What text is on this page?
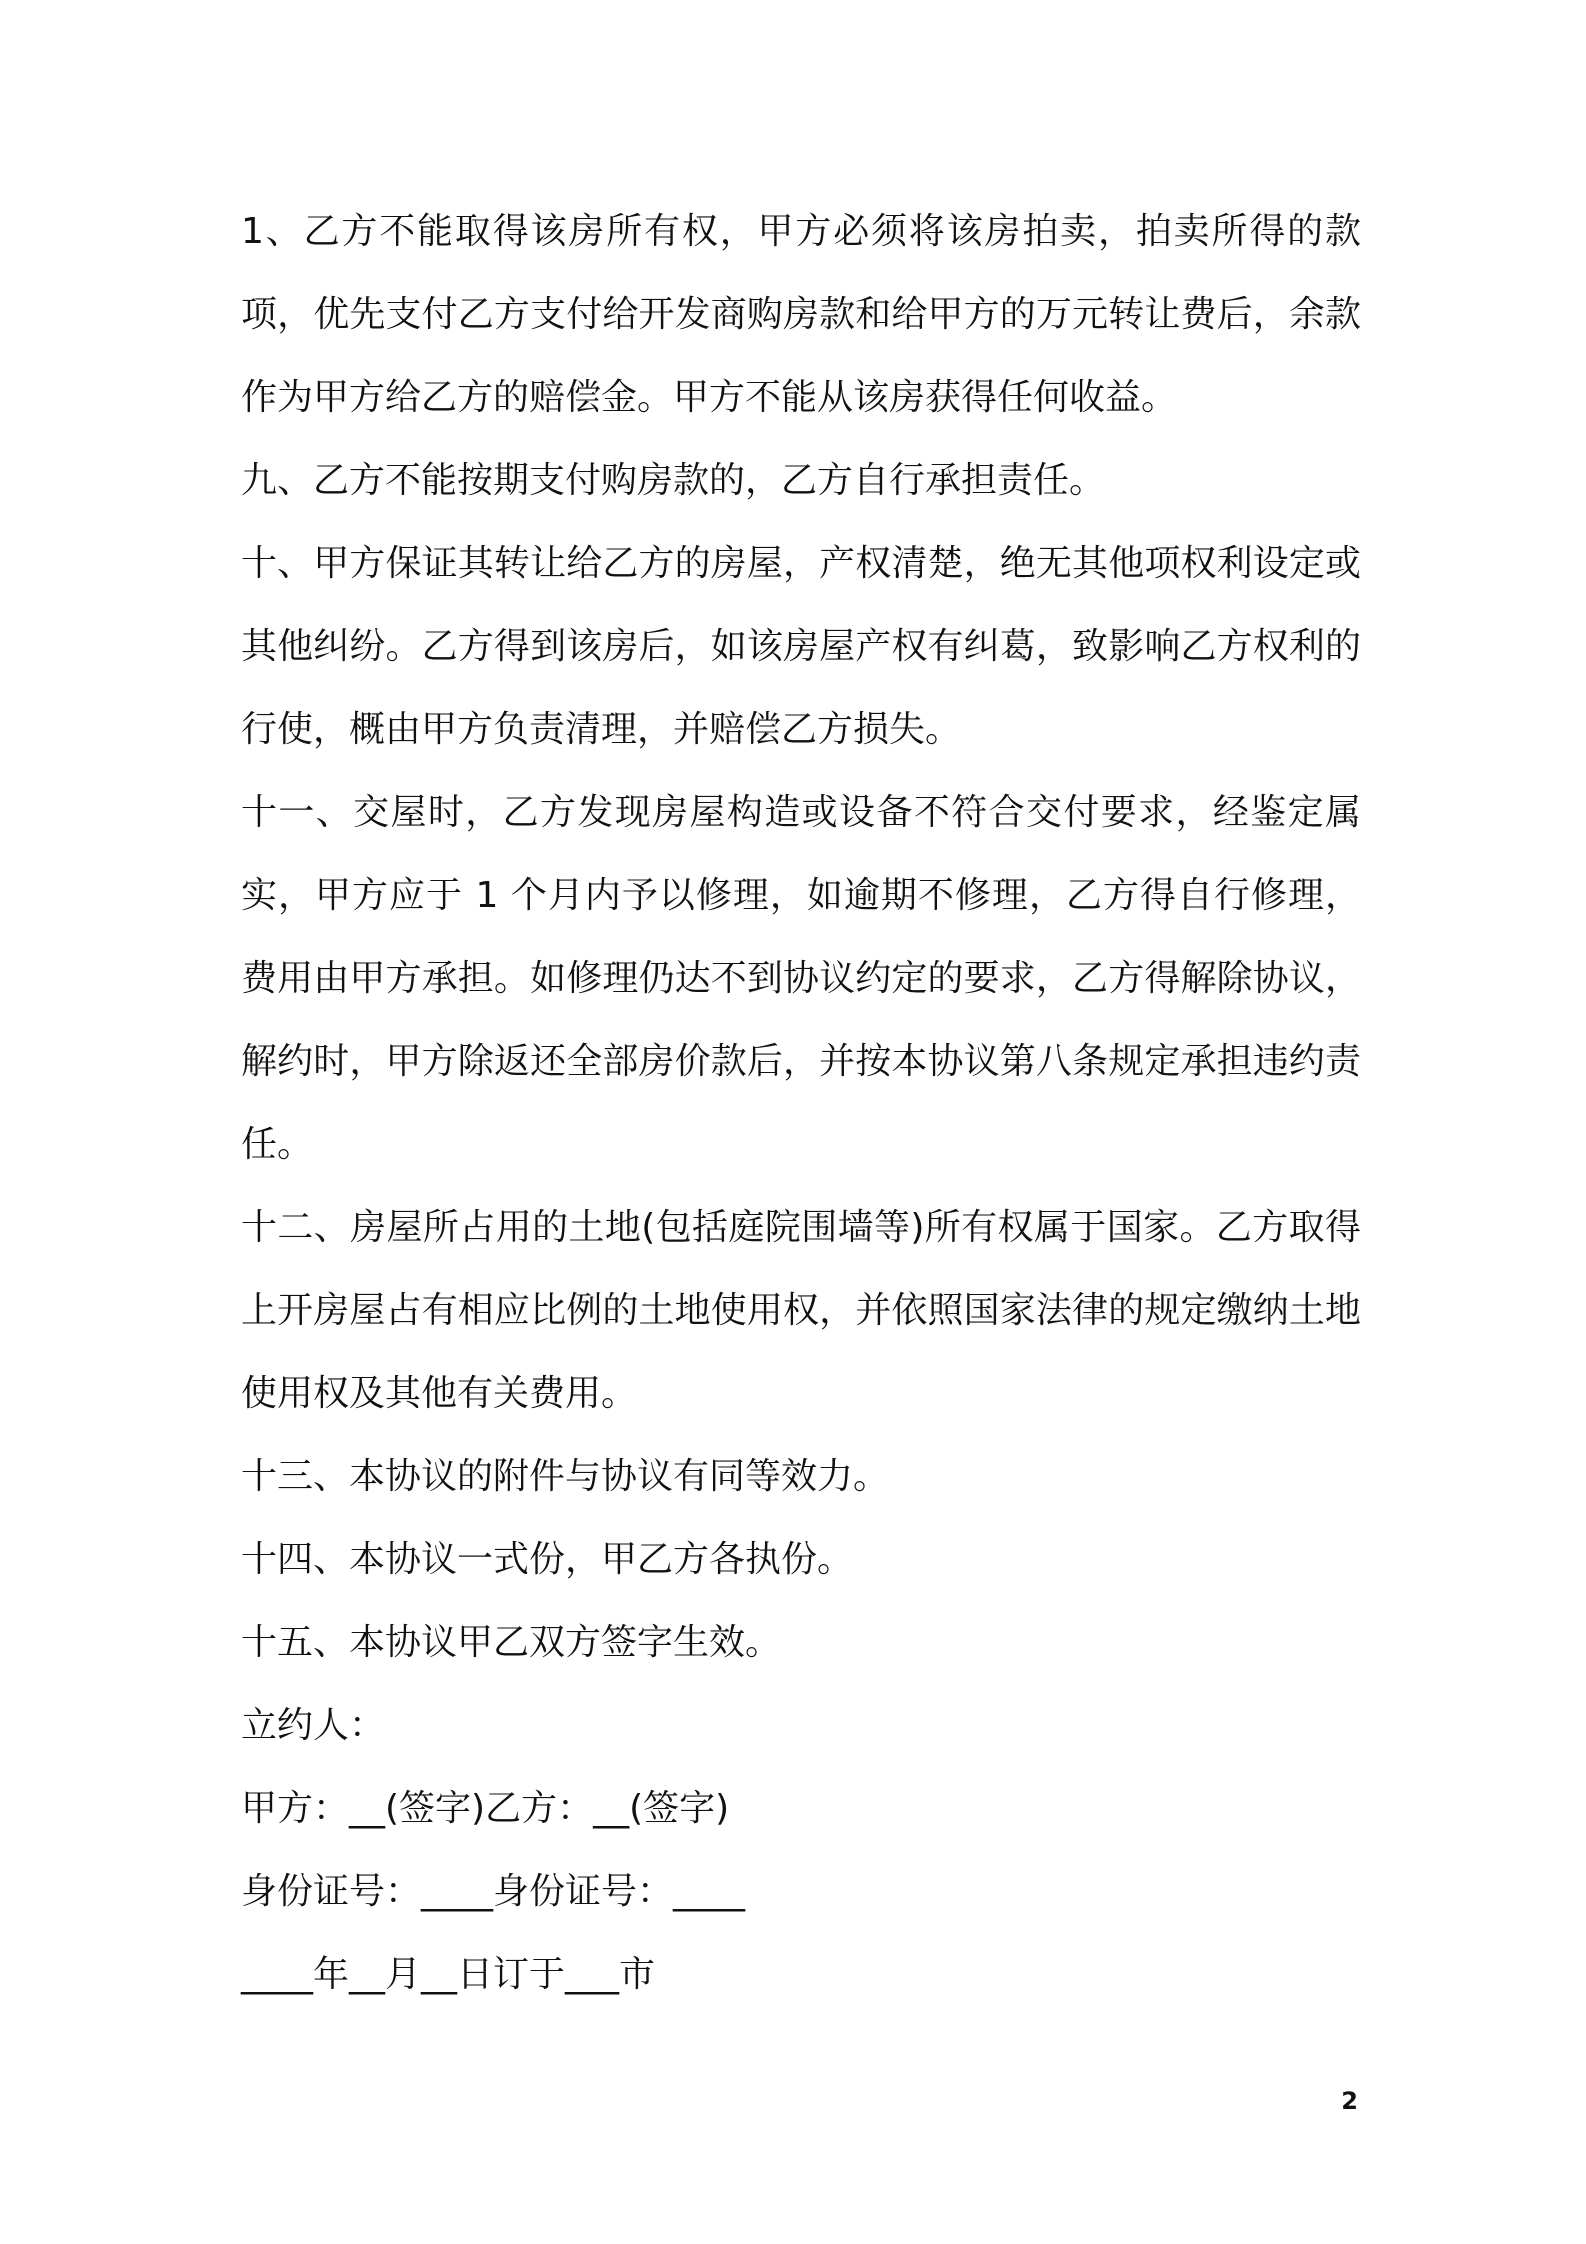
1、乙方不能取得该房所有权，甲方必须将该房拍卖，拍卖所得的款项，优先支付乙方支付给开发商购房款和给甲方的万元转让费后，余款作为甲方给乙方的赔偿金。甲方不能从该房获得任何收益。

九、乙方不能按期支付购房款的，乙方自行承担责任。

十、甲方保证其转让给乙方的房屋，产权清楚，绝无其他项权利设定或其他纠纷。乙方得到该房后，如该房屋产权有纠葛，致影响乙方权利的行使，概由甲方负责清理，并赔偿乙方损失。

十一、交屋时，乙方发现房屋构造或设备不符合交付要求，经鉴定属实，甲方应于 1 个月内予以修理，如逾期不修理，乙方得自行修理，费用由甲方承担。如修理仍达不到协议约定的要求，乙方得解除协议，解约时，甲方除返还全部房价款后，并按本协议第八条规定承担违约责任。

十二、房屋所占用的土地(包括庭院围墙等)所有权属于国家。乙方取得上开房屋占有相应比例的土地使用权，并依照国家法律的规定缴纳土地使用权及其他有关费用。

十三、本协议的附件与协议有同等效力。

十四、本协议一式份，甲乙方各执份。

十五、本协议甲乙双方签字生效。

立约人：

甲方：__(签字)乙方：__(签字)

身份证号：____身份证号：____

____年__月__日订于___市

2
